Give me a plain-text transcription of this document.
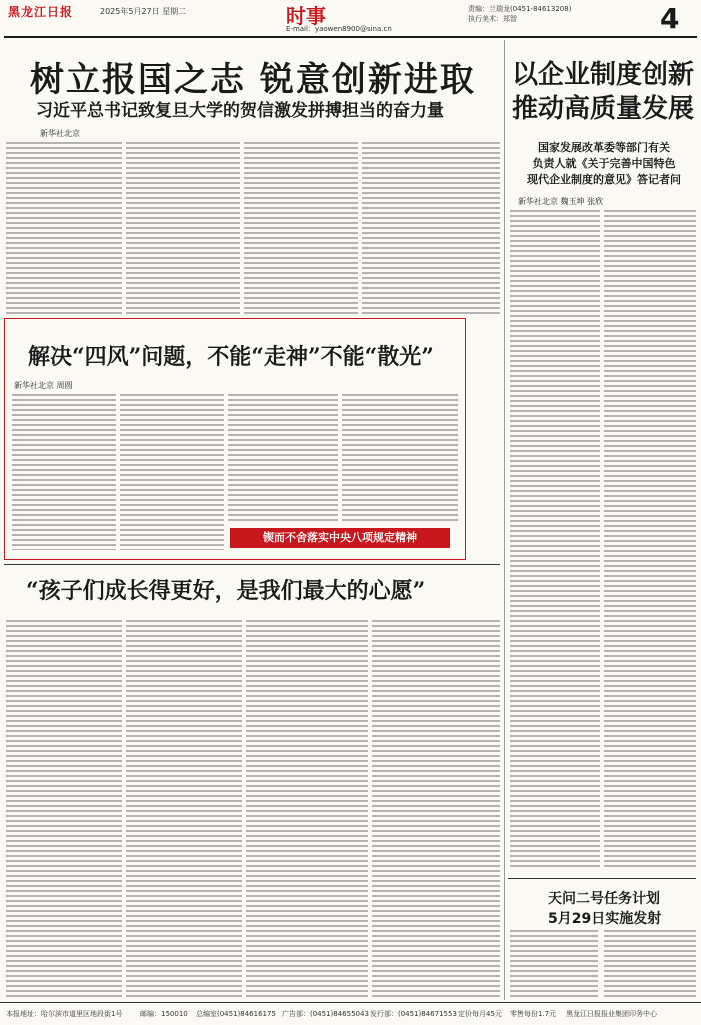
黑龙江日报	2025年5月27日 星期二	时事	责编：兰瑞龙(0451-84613208)
执行美术：郑智
E-mail：yaowen8900@sina.cn	4
树立报国之志 锐意创新进取
习近平总书记致复旦大学的贺信激发拼搏担当的奋力量
新华社北京
以企业制度创新
推动高质量发展
国家发展改革委等部门有关
负责人就《关于完善中国特色
现代企业制度的意见》答记者问
新华社北京 魏玉坤 张欣
解决“四风”问题，不能“走神”不能“散光”
新华社北京 周圆
锲而不舍落实中央八项规定精神
“孩子们成长得更好，是我们最大的心愿”
天问二号任务计划
5月29日实施发射
本报地址：哈尔滨市道里区地段街1号	邮编：150010 总编室(0451)84616175 广告部：(0451)84655043 发行部：(0451)84671553 定价每月45元 零售每份1.7元 黑龙江日报报业集团印务中心
